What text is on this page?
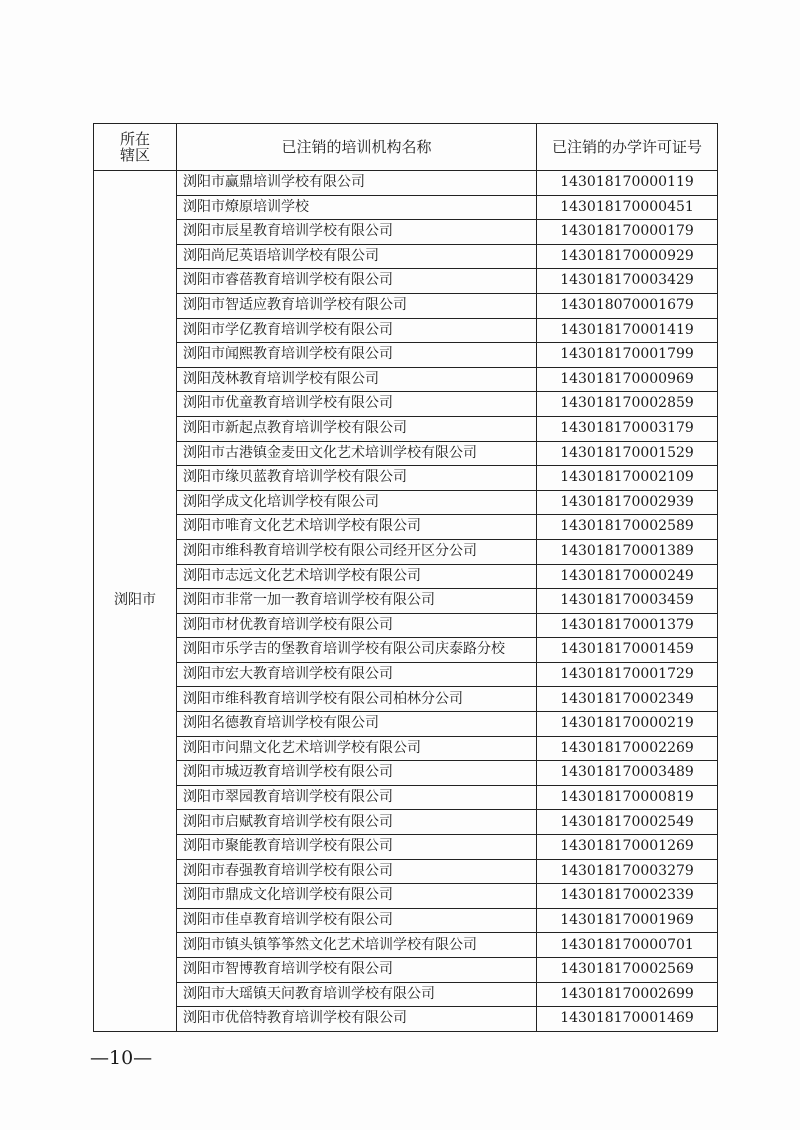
所在
辖区	已注销的培训机构名称	已注销的办学许可证号
浏阳市	浏阳市赢鼎培训学校有限公司	143018170000119
	浏阳市燎原培训学校	143018170000451
	浏阳市辰星教育培训学校有限公司	143018170000179
	浏阳尚尼英语培训学校有限公司	143018170000929
	浏阳市睿蓓教育培训学校有限公司	143018170003429
	浏阳市智适应教育培训学校有限公司	143018070001679
	浏阳市学亿教育培训学校有限公司	143018170001419
	浏阳市闻熙教育培训学校有限公司	143018170001799
	浏阳茂林教育培训学校有限公司	143018170000969
	浏阳市优童教育培训学校有限公司	143018170002859
	浏阳市新起点教育培训学校有限公司	143018170003179
	浏阳市古港镇金麦田文化艺术培训学校有限公司	143018170001529
	浏阳市缘贝蓝教育培训学校有限公司	143018170002109
	浏阳学成文化培训学校有限公司	143018170002939
	浏阳市唯育文化艺术培训学校有限公司	143018170002589
	浏阳市维科教育培训学校有限公司经开区分公司	143018170001389
	浏阳市志远文化艺术培训学校有限公司	143018170000249
	浏阳市非常一加一教育培训学校有限公司	143018170003459
	浏阳市材优教育培训学校有限公司	143018170001379
	浏阳市乐学吉的堡教育培训学校有限公司庆泰路分校	143018170001459
	浏阳市宏大教育培训学校有限公司	143018170001729
	浏阳市维科教育培训学校有限公司柏林分公司	143018170002349
	浏阳名德教育培训学校有限公司	143018170000219
	浏阳市问鼎文化艺术培训学校有限公司	143018170002269
	浏阳市城迈教育培训学校有限公司	143018170003489
	浏阳市翠园教育培训学校有限公司	143018170000819
	浏阳市启赋教育培训学校有限公司	143018170002549
	浏阳市聚能教育培训学校有限公司	143018170001269
	浏阳市春强教育培训学校有限公司	143018170003279
	浏阳市鼎成文化培训学校有限公司	143018170002339
	浏阳市佳卓教育培训学校有限公司	143018170001969
	浏阳市镇头镇筝筝然文化艺术培训学校有限公司	143018170000701
	浏阳市智博教育培训学校有限公司	143018170002569
	浏阳市大瑶镇天问教育培训学校有限公司	143018170002699
	浏阳市优倍特教育培训学校有限公司	143018170001469
—10—
